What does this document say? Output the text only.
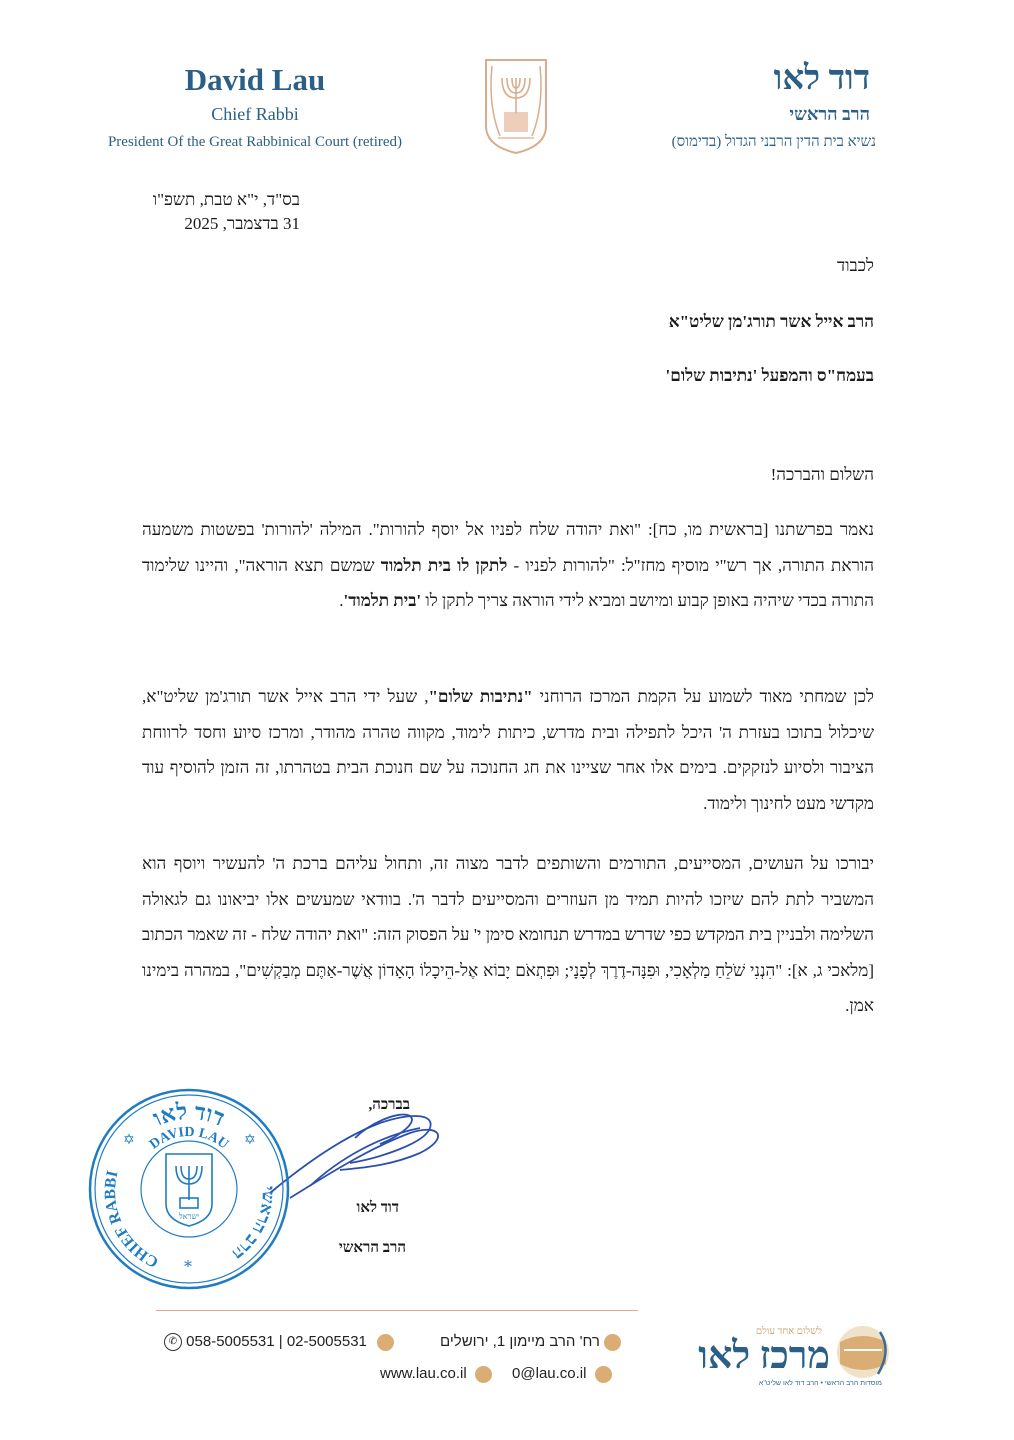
David Lau
Chief Rabbi
President Of the Great Rabbinical Court (retired)
דוד לאו
הרב הראשי
נשיא בית הדין הרבני הגדול (בדימוס)
בס"ד, י"א טבת, תשפ"ו
31 בדצמבר, 2025
לכבוד
הרב אייל אשר תורג'מן שליט"א
בעמח"ס והמפעל 'נתיבות שלום'
השלום והברכה!
נאמר בפרשתנו [בראשית מו, כח]: "ואת יהודה שלח לפניו אל יוסף להורות". המילה 'להורות' בפשטות משמעה הוראת התורה, אך רש"י מוסיף מחז"ל: "להורות לפניו - לתקן לו בית תלמוד שמשם תצא הוראה", והיינו שלימוד התורה בכדי שיהיה באופן קבוע ומיושב ומביא לידי הוראה צריך לתקן לו 'בית תלמוד'.
לכן שמחתי מאוד לשמוע על הקמת המרכז הרוחני "נתיבות שלום", שעל ידי הרב אייל אשר תורג'מן שליט"א, שיכלול בתוכו בעזרת ה' היכל לתפילה ובית מדרש, כיתות לימוד, מקווה טהרה מהודר, ומרכז סיוע וחסד לרווחת הציבור ולסיוע לנזקקים. בימים אלו אחר שציינו את חג החנוכה על שם חנוכת הבית בטהרתו, זה הזמן להוסיף עוד מקדשי מעט לחינוך ולימוד.
יבורכו על העושים, המסייעים, התורמים והשותפים לדבר מצוה זה, ותחול עליהם ברכת ה' להעשיר ויוסף הוא המשביר לתת להם שיזכו להיות תמיד מן העוזרים והמסייעים לדבר ה'. בוודאי שמעשים אלו יביאונו גם לגאולה השלימה ולבניין בית המקדש כפי שדרש במדרש תנחומא סימן י' על הפסוק הזה: "ואת יהודה שלח - זה שאמר הכתוב [מלאכי ג, א]: "הִנְנִי שֹׁלֵחַ מַלְאָכִי, וּפִנָּה-דֶרֶךְ לְפָנָי; וּפִתְאֹם יָבוֹא אֶל-הֵיכָלוֹ הָאָדוֹן אֲשֶׁר-אַתֶּם מְבַקְשִׁים", במהרה בימינו אמן.
בברכה,
דוד לאו
הרב הראשי
דוד לאו
DAVID LAU
CHIEF RABBI
הרב הראשי
ישראל
✡	✡
*
✆ 058-5005531 | 02-5005531	רח' הרב מיימון 1, ירושלים
www.lau.co.il	0@lau.co.il
לשלום אחד עולם
מרכז לאו
מוסדות הרב הראשי • הרב דוד לאו שליט"א
